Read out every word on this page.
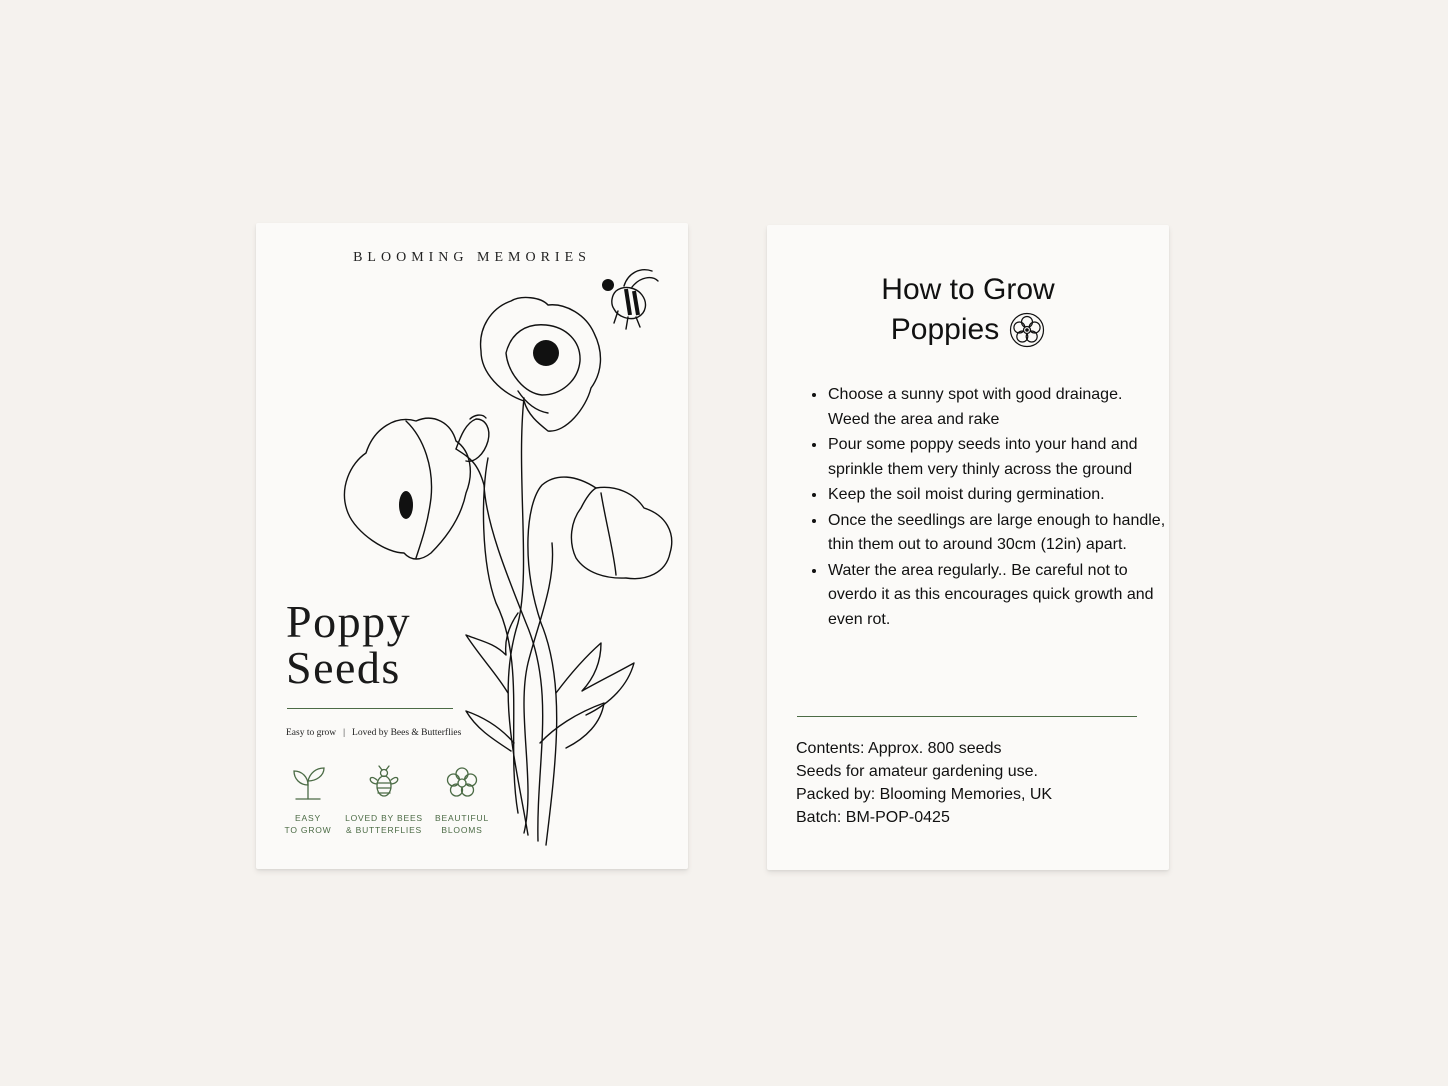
BLOOMING MEMORIES
Poppy
Seeds
Easy to grow | Loved by Bees & Butterflies
EASY
TO GROW
LOVED BY BEES
& BUTTERFLIES
BEAUTIFUL
BLOOMS
How to Grow
Poppies
• Choose a sunny spot with good drainage. Weed the area and rake
• Pour some poppy seeds into your hand and sprinkle them very thinly across the ground
• Keep the soil moist during germination.
• Once the seedlings are large enough to handle, thin them out to around 30cm (12in) apart.
• Water the area regularly.. Be careful not to overdo it as this encourages quick growth and even rot.
Contents: Approx. 800 seeds
Seeds for amateur gardening use.
Packed by: Blooming Memories, UK
Batch: BM-POP-0425
